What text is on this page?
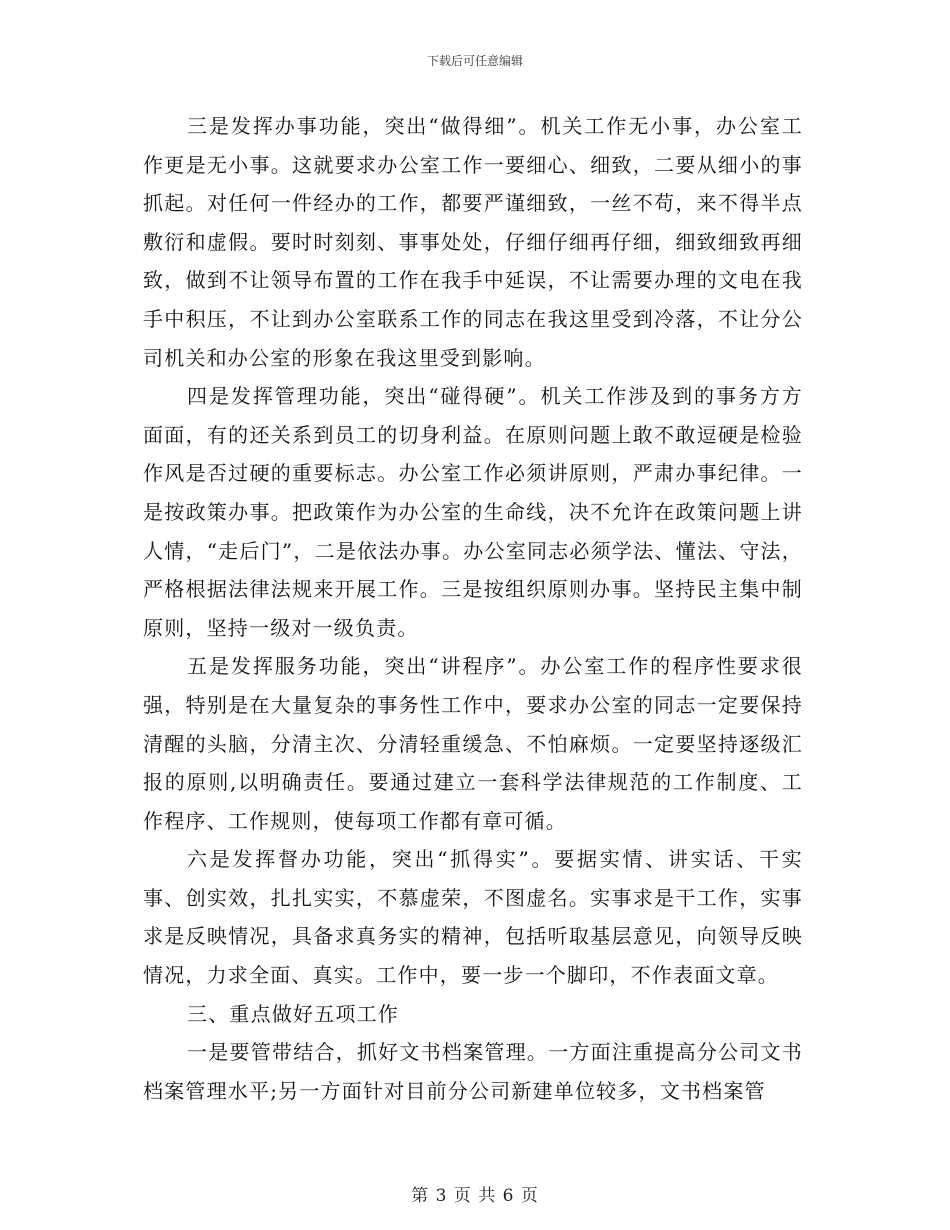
下载后可任意编辑

三是发挥办事功能，突出“做得细”。机关工作无小事，办公室工作更是无小事。这就要求办公室工作一要细心、细致，二要从细小的事抓起。对任何一件经办的工作，都要严谨细致，一丝不苟，来不得半点敷衍和虚假。要时时刻刻、事事处处，仔细仔细再仔细，细致细致再细致，做到不让领导布置的工作在我手中延误，不让需要办理的文电在我手中积压，不让到办公室联系工作的同志在我这里受到冷落，不让分公司机关和办公室的形象在我这里受到影响。

四是发挥管理功能，突出“碰得硬”。机关工作涉及到的事务方方面面，有的还关系到员工的切身利益。在原则问题上敢不敢逗硬是检验作风是否过硬的重要标志。办公室工作必须讲原则，严肃办事纪律。一是按政策办事。把政策作为办公室的生命线，决不允许在政策问题上讲人情，“走后门”，二是依法办事。办公室同志必须学法、懂法、守法，严格根据法律法规来开展工作。三是按组织原则办事。坚持民主集中制原则，坚持一级对一级负责。

五是发挥服务功能，突出“讲程序”。办公室工作的程序性要求很强，特别是在大量复杂的事务性工作中，要求办公室的同志一定要保持清醒的头脑，分清主次、分清轻重缓急、不怕麻烦。一定要坚持逐级汇报的原则,以明确责任。要通过建立一套科学法律规范的工作制度、工作程序、工作规则，使每项工作都有章可循。

六是发挥督办功能，突出“抓得实”。要据实情、讲实话、干实事、创实效，扎扎实实，不慕虚荣，不图虚名。实事求是干工作，实事求是反映情况，具备求真务实的精神，包括听取基层意见，向领导反映情况，力求全面、真实。工作中，要一步一个脚印，不作表面文章。

三、重点做好五项工作

一是要管带结合，抓好文书档案管理。一方面注重提高分公司文书档案管理水平;另一方面针对目前分公司新建单位较多，文书档案管

第 3 页 共 6 页
